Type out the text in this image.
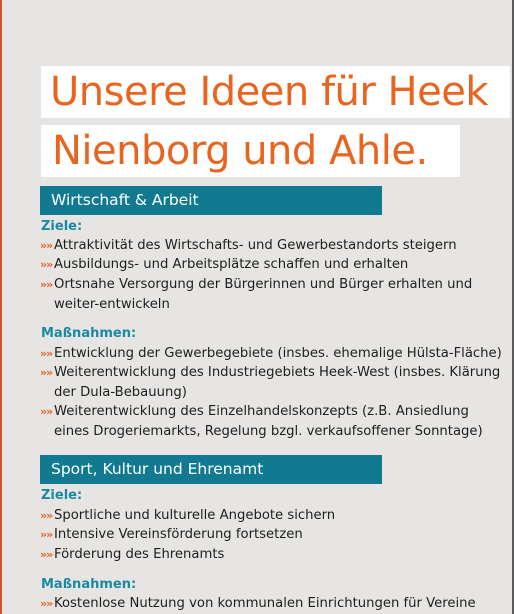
Unsere Ideen für Heek
Nienborg und Ahle.
Wirtschaft & Arbeit
Ziele:
»» Attraktivität des Wirtschafts- und Gewerbestandorts steigern
»» Ausbildungs- und Arbeitsplätze schaffen und erhalten
»» Ortsnahe Versorgung der Bürgerinnen und Bürger erhalten und weiter-entwickeln
Maßnahmen:
»» Entwicklung der Gewerbegebiete (insbes. ehemalige Hülsta-Fläche)
»» Weiterentwicklung des Industriegebiets Heek-West (insbes. Klärung der Dula-Bebauung)
»» Weiterentwicklung des Einzelhandelskonzepts (z.B. Ansiedlung eines Drogeriemarkts, Regelung bzgl. verkaufsoffener Sonntage)
Sport, Kultur und Ehrenamt
Ziele:
»» Sportliche und kulturelle Angebote sichern
»» Intensive Vereinsförderung fortsetzen
»» Förderung des Ehrenamts
Maßnahmen:
»» Kostenlose Nutzung von kommunalen Einrichtungen für Vereine
